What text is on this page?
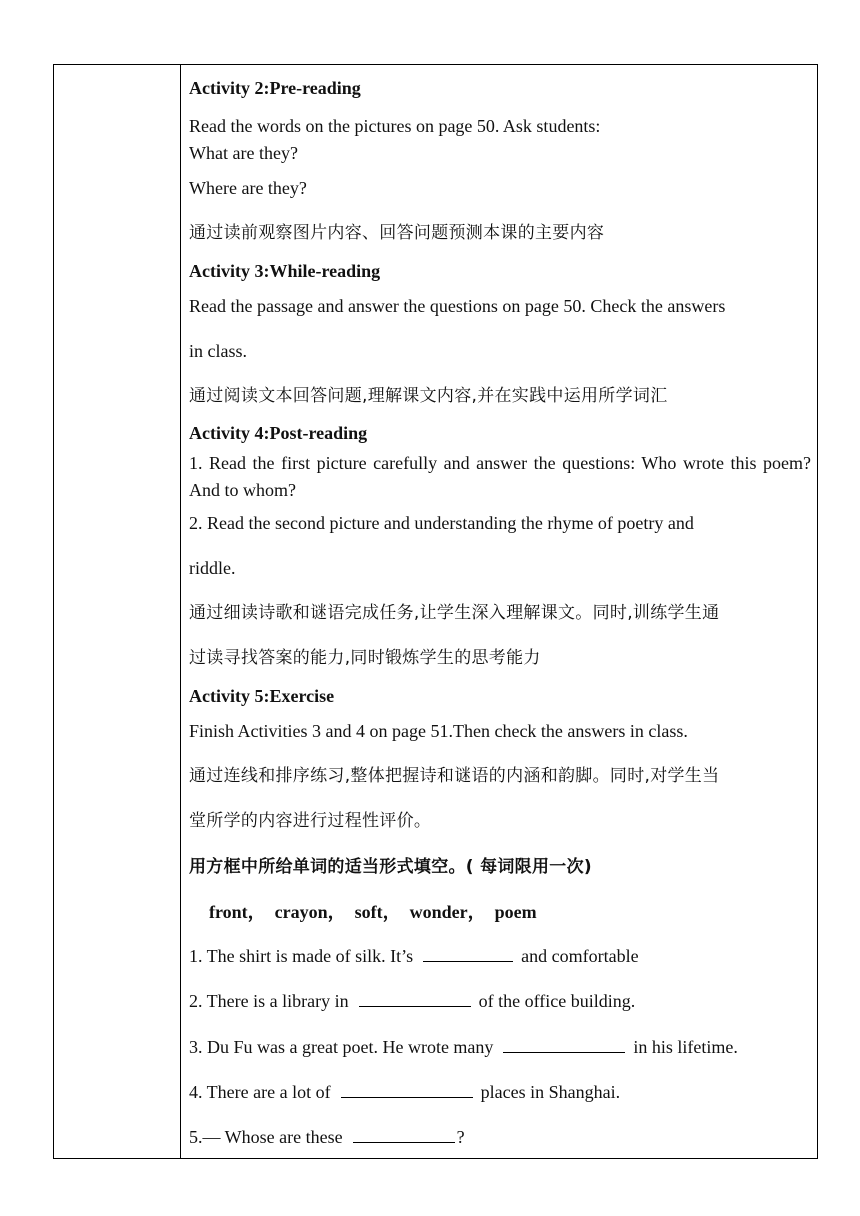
Activity 2:Pre-reading
Read the words on the pictures on page 50. Ask students:
What are they?
Where are they?
通过读前观察图片内容、回答问题预测本课的主要内容
Activity 3:While-reading
Read the passage and answer the questions on page 50. Check the answers
in class.
通过阅读文本回答问题,理解课文内容,并在实践中运用所学词汇
Activity 4:Post-reading
1. Read the first picture carefully and answer the questions: Who wrote this poem? And to whom?
2. Read the second picture and understanding the rhyme of poetry and
riddle.
通过细读诗歌和谜语完成任务,让学生深入理解课文。同时,训练学生通
过读寻找答案的能力,同时锻炼学生的思考能力
Activity 5:Exercise
Finish Activities 3 and 4 on page 51.Then check the answers in class.
通过连线和排序练习,整体把握诗和谜语的内涵和韵脚。同时,对学生当
堂所学的内容进行过程性评价。
用方框中所给单词的适当形式填空。( 每词限用一次)
front，  crayon，  soft，  wonder，  poem
1. The shirt is made of silk. It’s	and comfortable
2. There is a library in	of the office building.
3. Du Fu was a great poet. He wrote many	in his lifetime.
4. There are a lot of	places in Shanghai.
5.— Whose are these	?
